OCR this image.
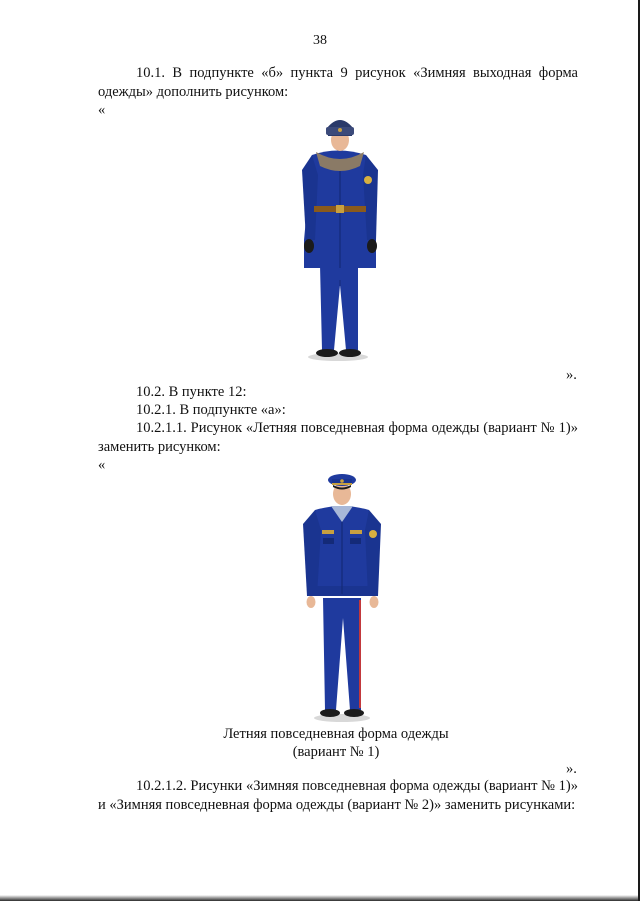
38
10.1. В подпункте «б» пункта 9 рисунок «Зимняя выходная форма одежды» дополнить рисунком:
«
».
10.2. В пункте 12:
10.2.1. В подпункте «а»:
10.2.1.1. Рисунок «Летняя повседневная форма одежды (вариант № 1)» заменить рисунком:
«
Летняя повседневная форма одежды
(вариант № 1)
».
10.2.1.2. Рисунки «Зимняя повседневная форма одежды (вариант № 1)» и «Зимняя повседневная форма одежды (вариант № 2)» заменить рисунками:
